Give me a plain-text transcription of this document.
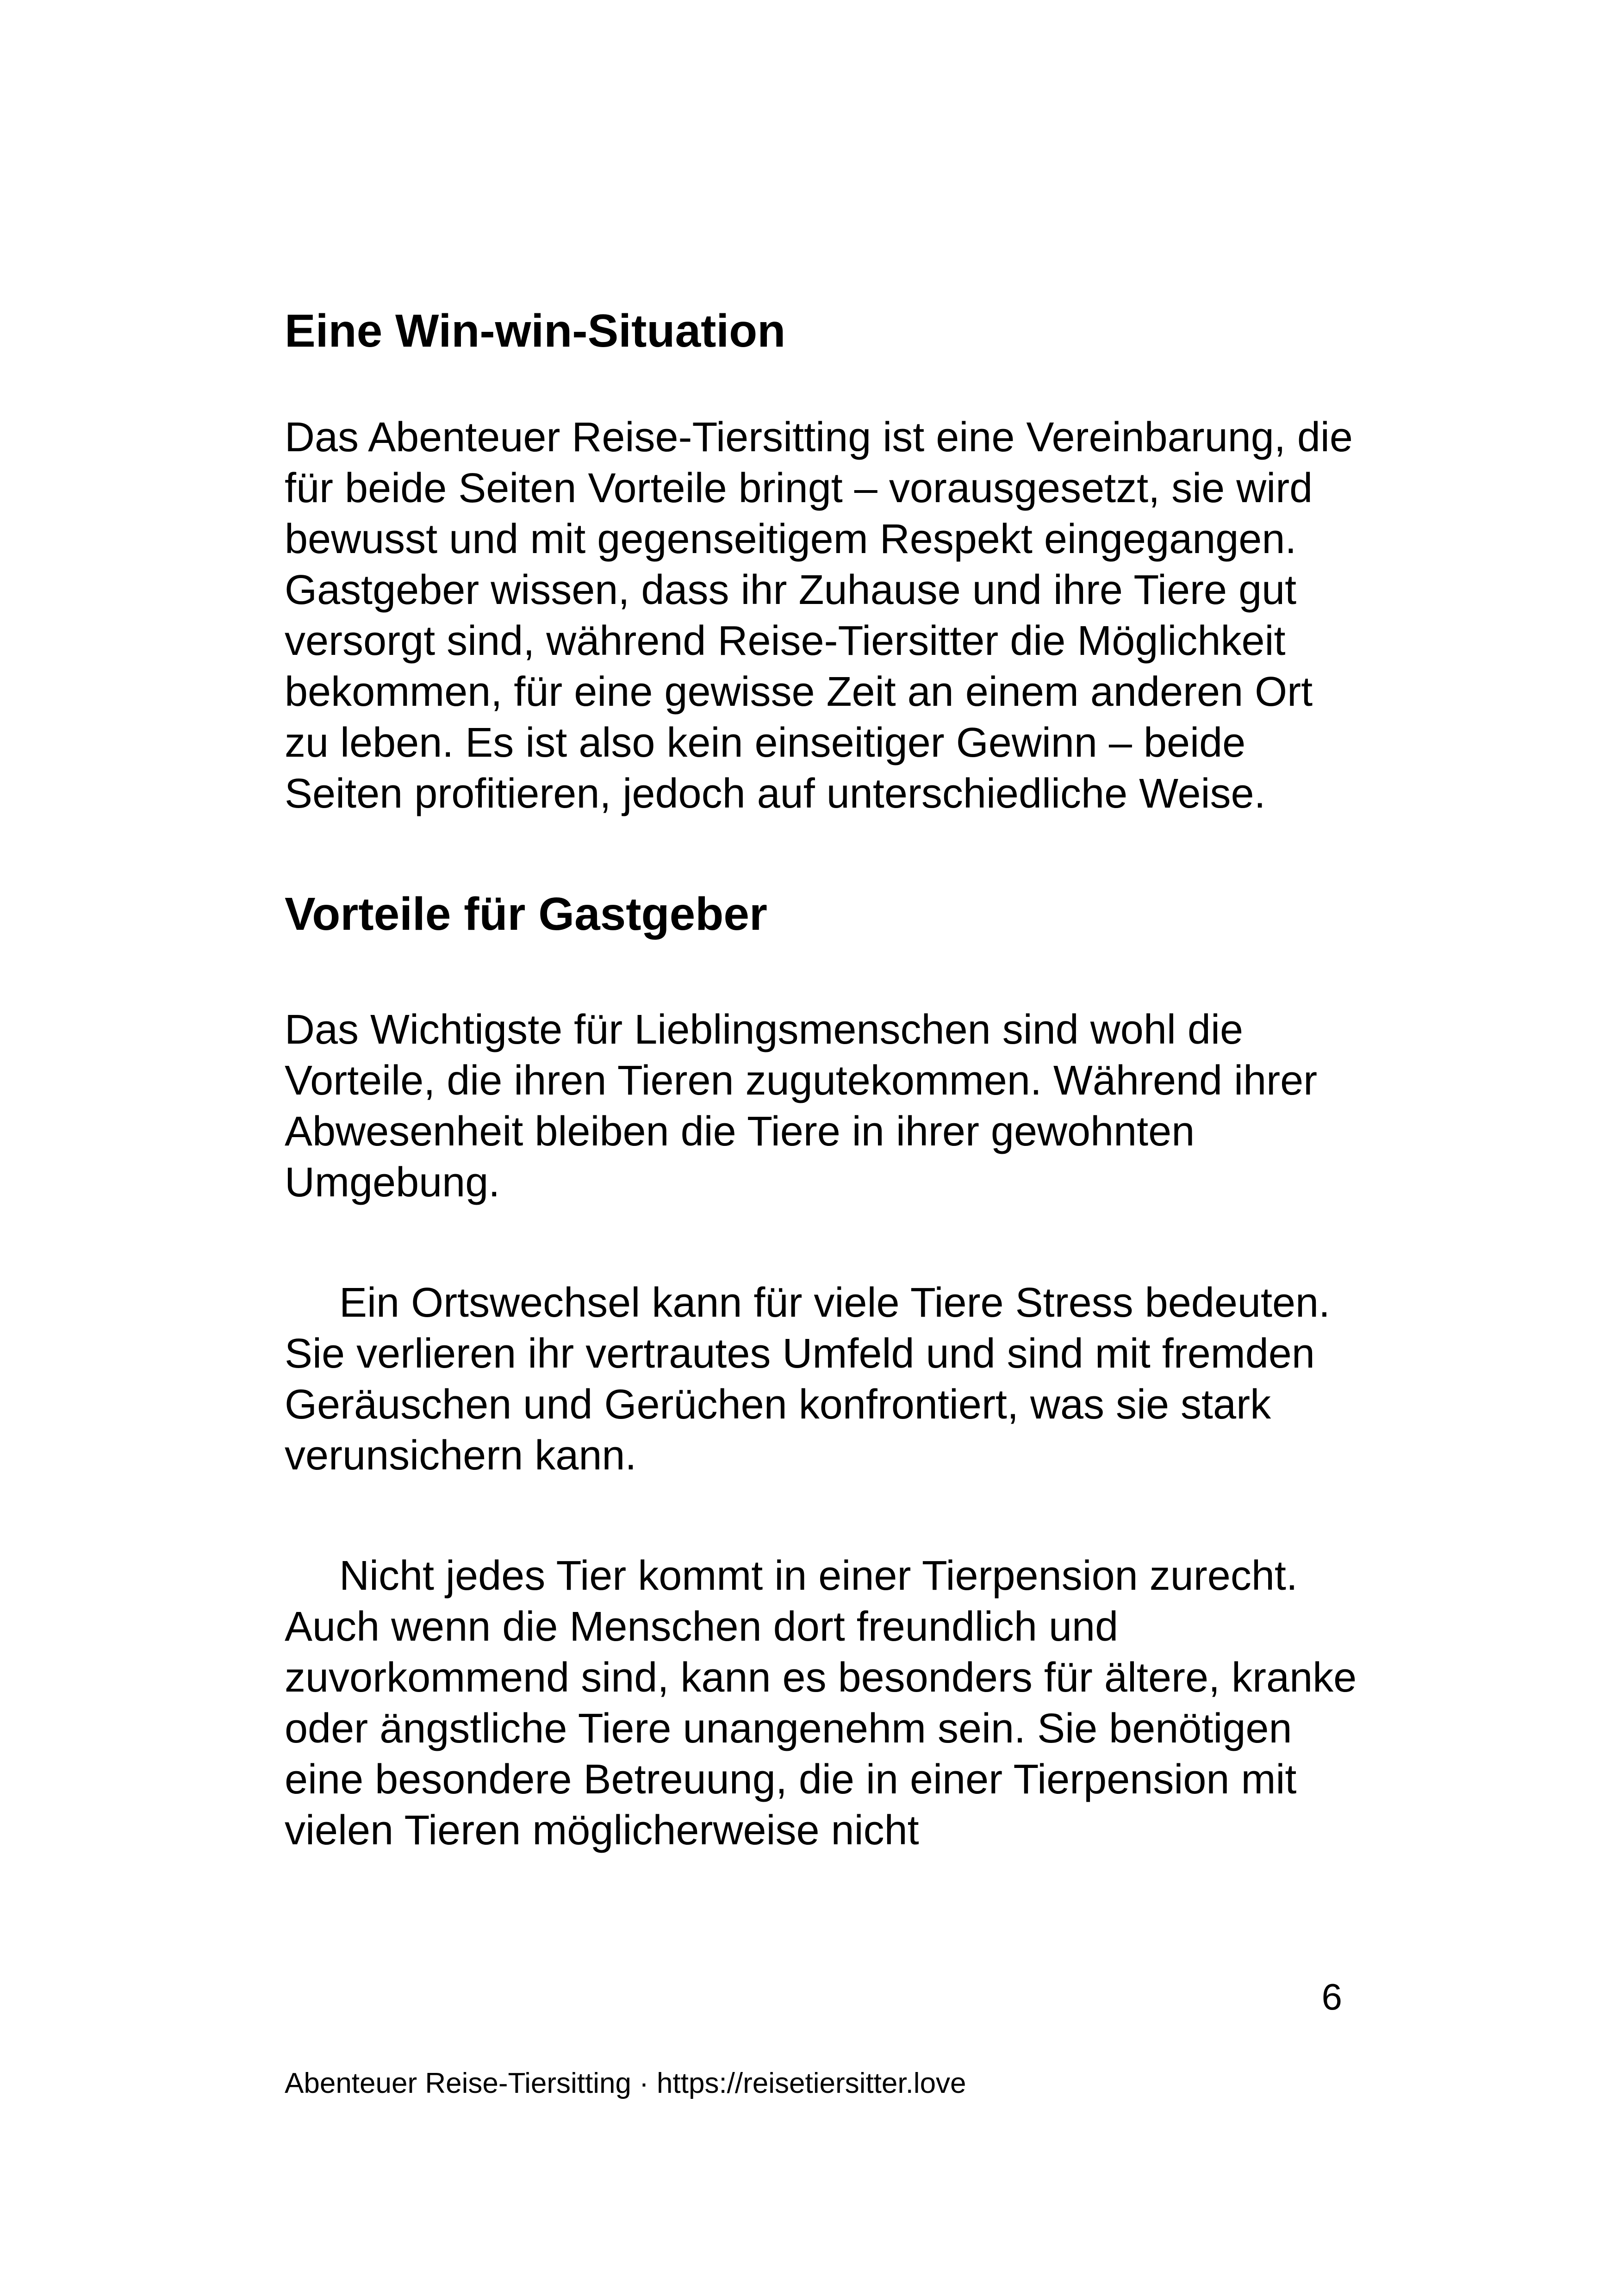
Eine Win-win-Situation

Das Abenteuer Reise-Tiersitting ist eine Vereinbarung, die für beide Seiten Vorteile bringt – vorausgesetzt, sie wird bewusst und mit gegenseitigem Respekt eingegangen. Gastgeber wissen, dass ihr Zuhause und ihre Tiere gut versorgt sind, während Reise-Tiersitter die Möglichkeit bekommen, für eine gewisse Zeit an einem anderen Ort zu leben. Es ist also kein einseitiger Gewinn – beide Seiten profitieren, jedoch auf unterschiedliche Weise.

Vorteile für Gastgeber

Das Wichtigste für Lieblingsmenschen sind wohl die Vorteile, die ihren Tieren zugutekommen. Während ihrer Abwesenheit bleiben die Tiere in ihrer gewohnten Umgebung.

Ein Ortswechsel kann für viele Tiere Stress bedeuten. Sie verlieren ihr vertrautes Umfeld und sind mit fremden Geräuschen und Gerüchen konfrontiert, was sie stark verunsichern kann.

Nicht jedes Tier kommt in einer Tierpension zurecht. Auch wenn die Menschen dort freundlich und zuvorkommend sind, kann es besonders für ältere, kranke oder ängstliche Tiere unangenehm sein. Sie benötigen eine besondere Betreuung, die in einer Tierpension mit vielen Tieren möglicherweise nicht

6
Abenteuer Reise-Tiersitting · https://reisetiersitter.love
